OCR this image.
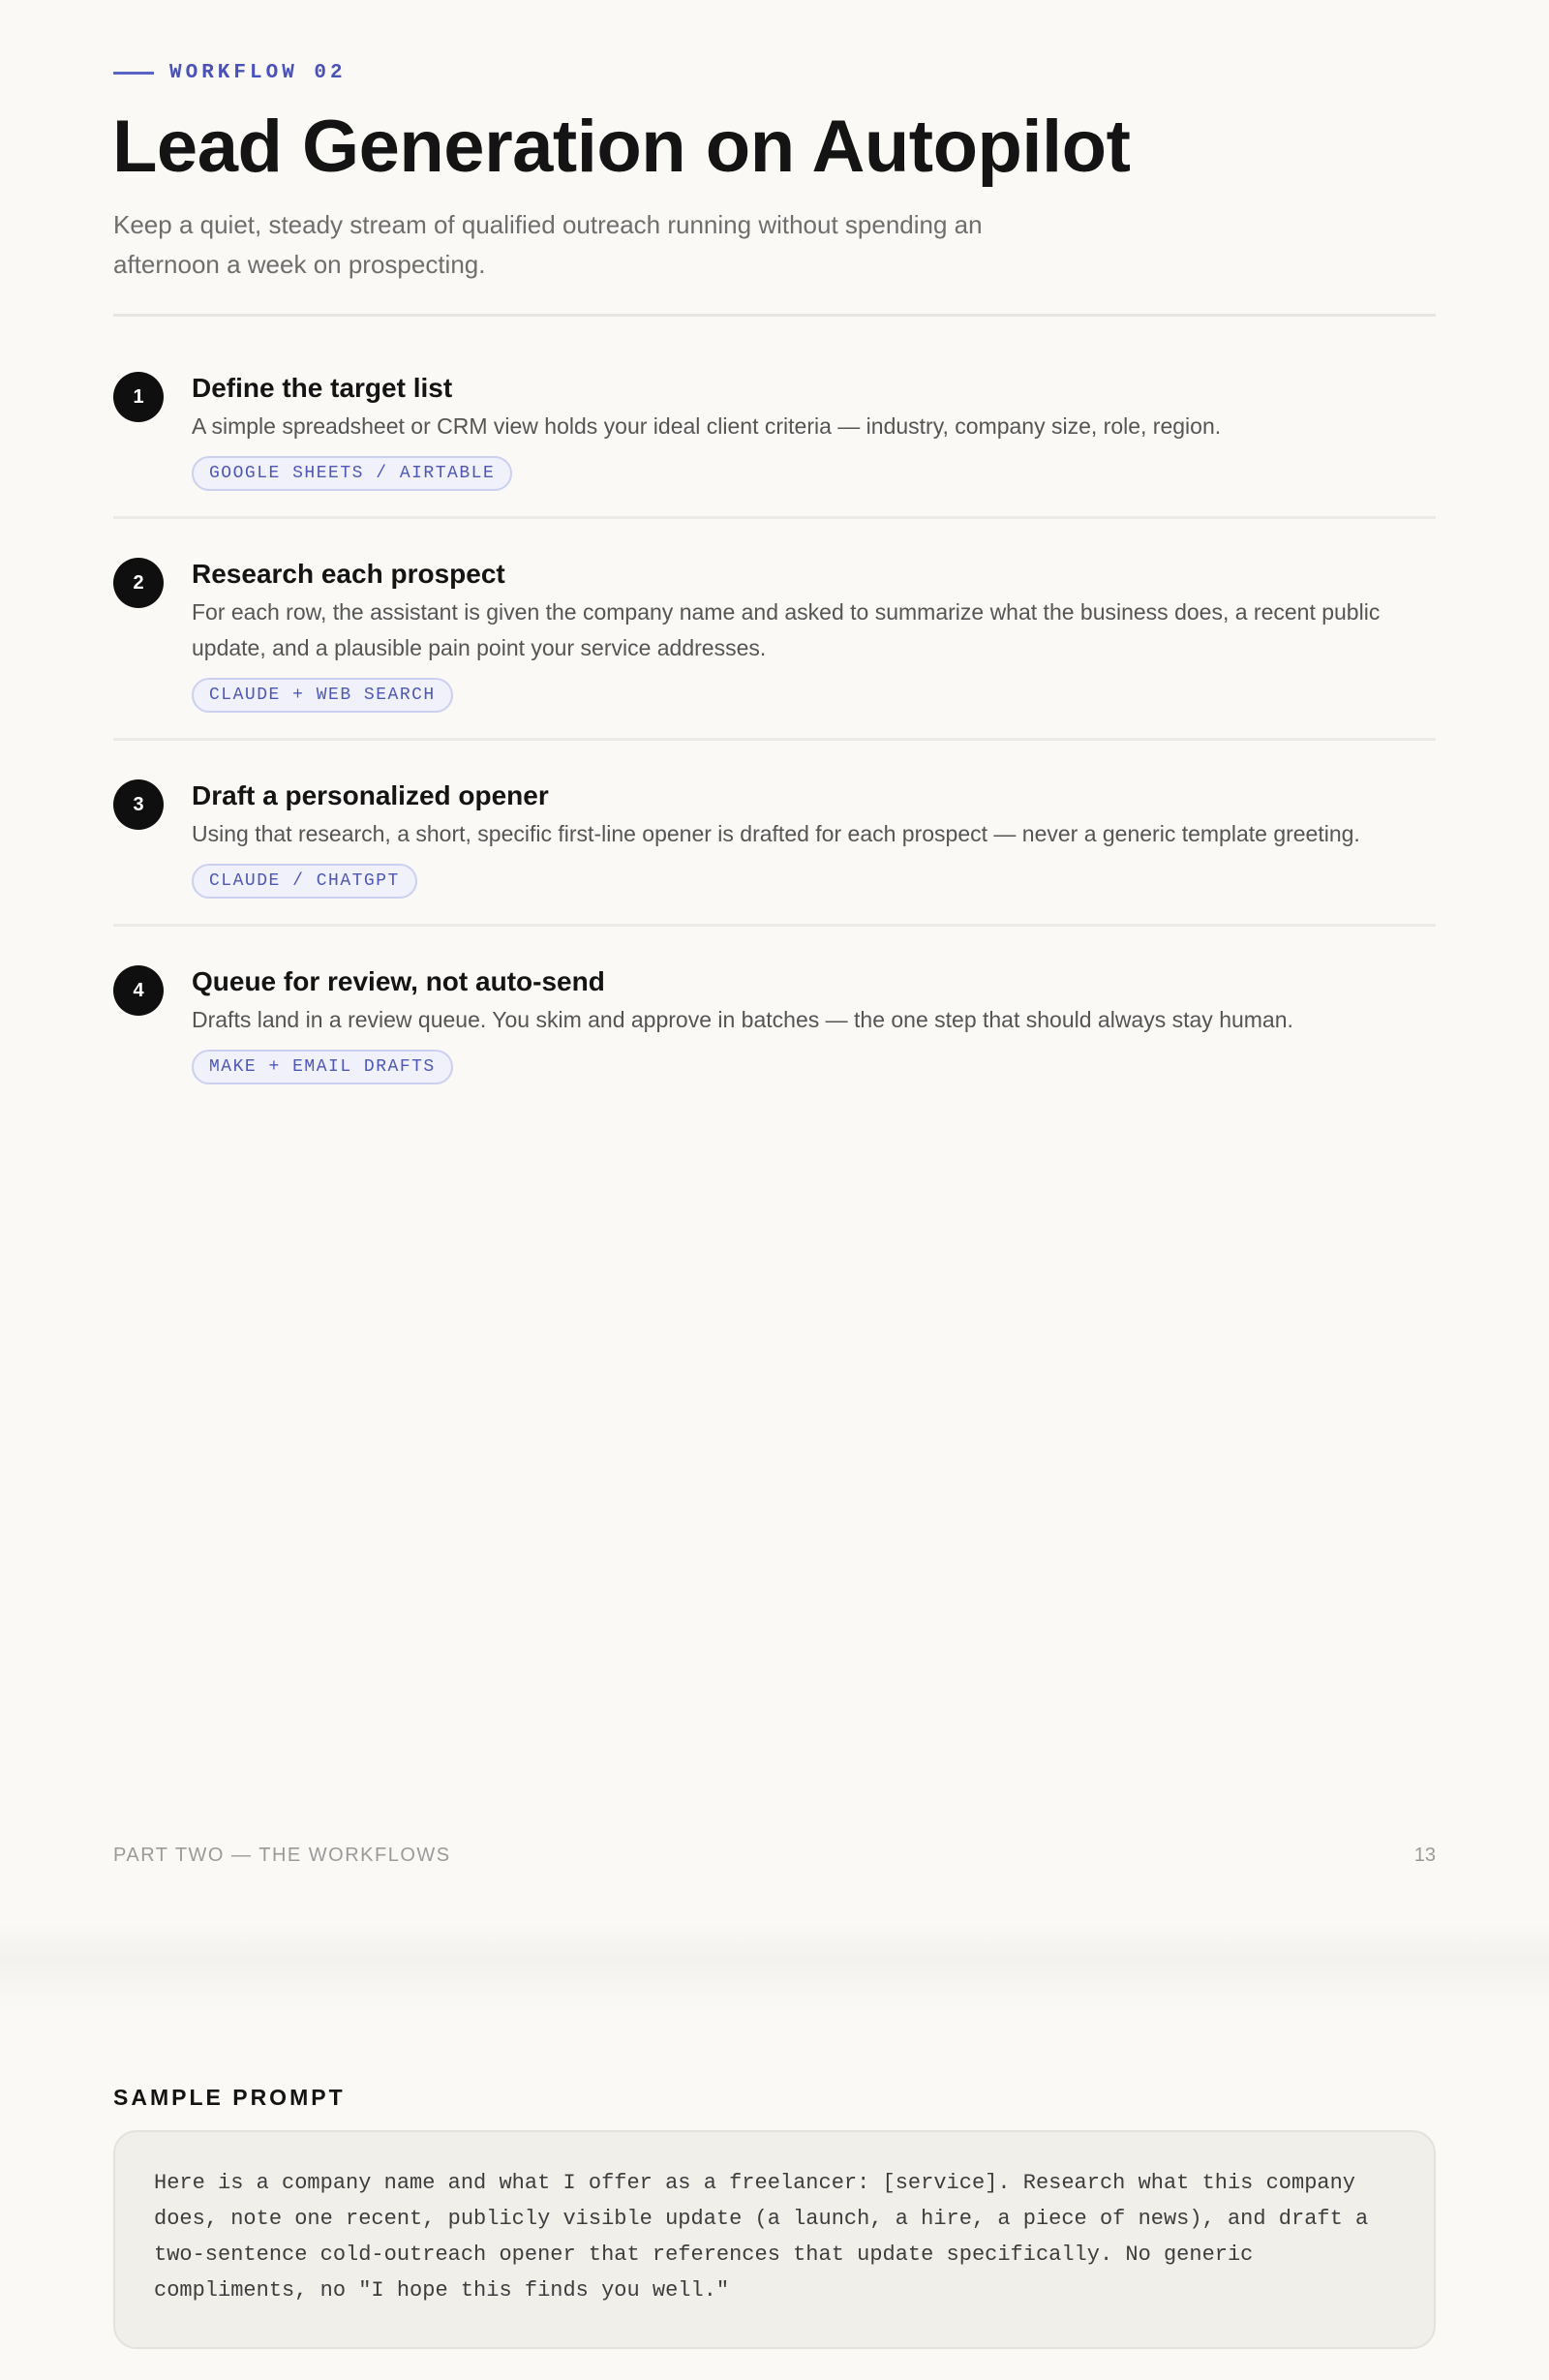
WORKFLOW 02
Lead Generation on Autopilot

Keep a quiet, steady stream of qualified outreach running without spending an afternoon a week on prospecting.

1	Define the target list
A simple spreadsheet or CRM view holds your ideal client criteria — industry, company size, role, region.
GOOGLE SHEETS / AIRTABLE
2	Research each prospect
For each row, the assistant is given the company name and asked to summarize what the business does, a recent public update, and a plausible pain point your service addresses.
CLAUDE + WEB SEARCH
3	Draft a personalized opener
Using that research, a short, specific first-line opener is drafted for each prospect — never a generic template greeting.
CLAUDE / CHATGPT
4	Queue for review, not auto-send
Drafts land in a review queue. You skim and approve in batches — the one step that should always stay human.
MAKE + EMAIL DRAFTS
PART TWO — THE WORKFLOWS	13
SAMPLE PROMPT

Here is a company name and what I offer as a freelancer: [service]. Research what this company does, note one recent, publicly visible update (a launch, a hire, a piece of news), and draft a two-sentence cold-outreach opener that references that update specifically. No generic compliments, no "I hope this finds you well."
